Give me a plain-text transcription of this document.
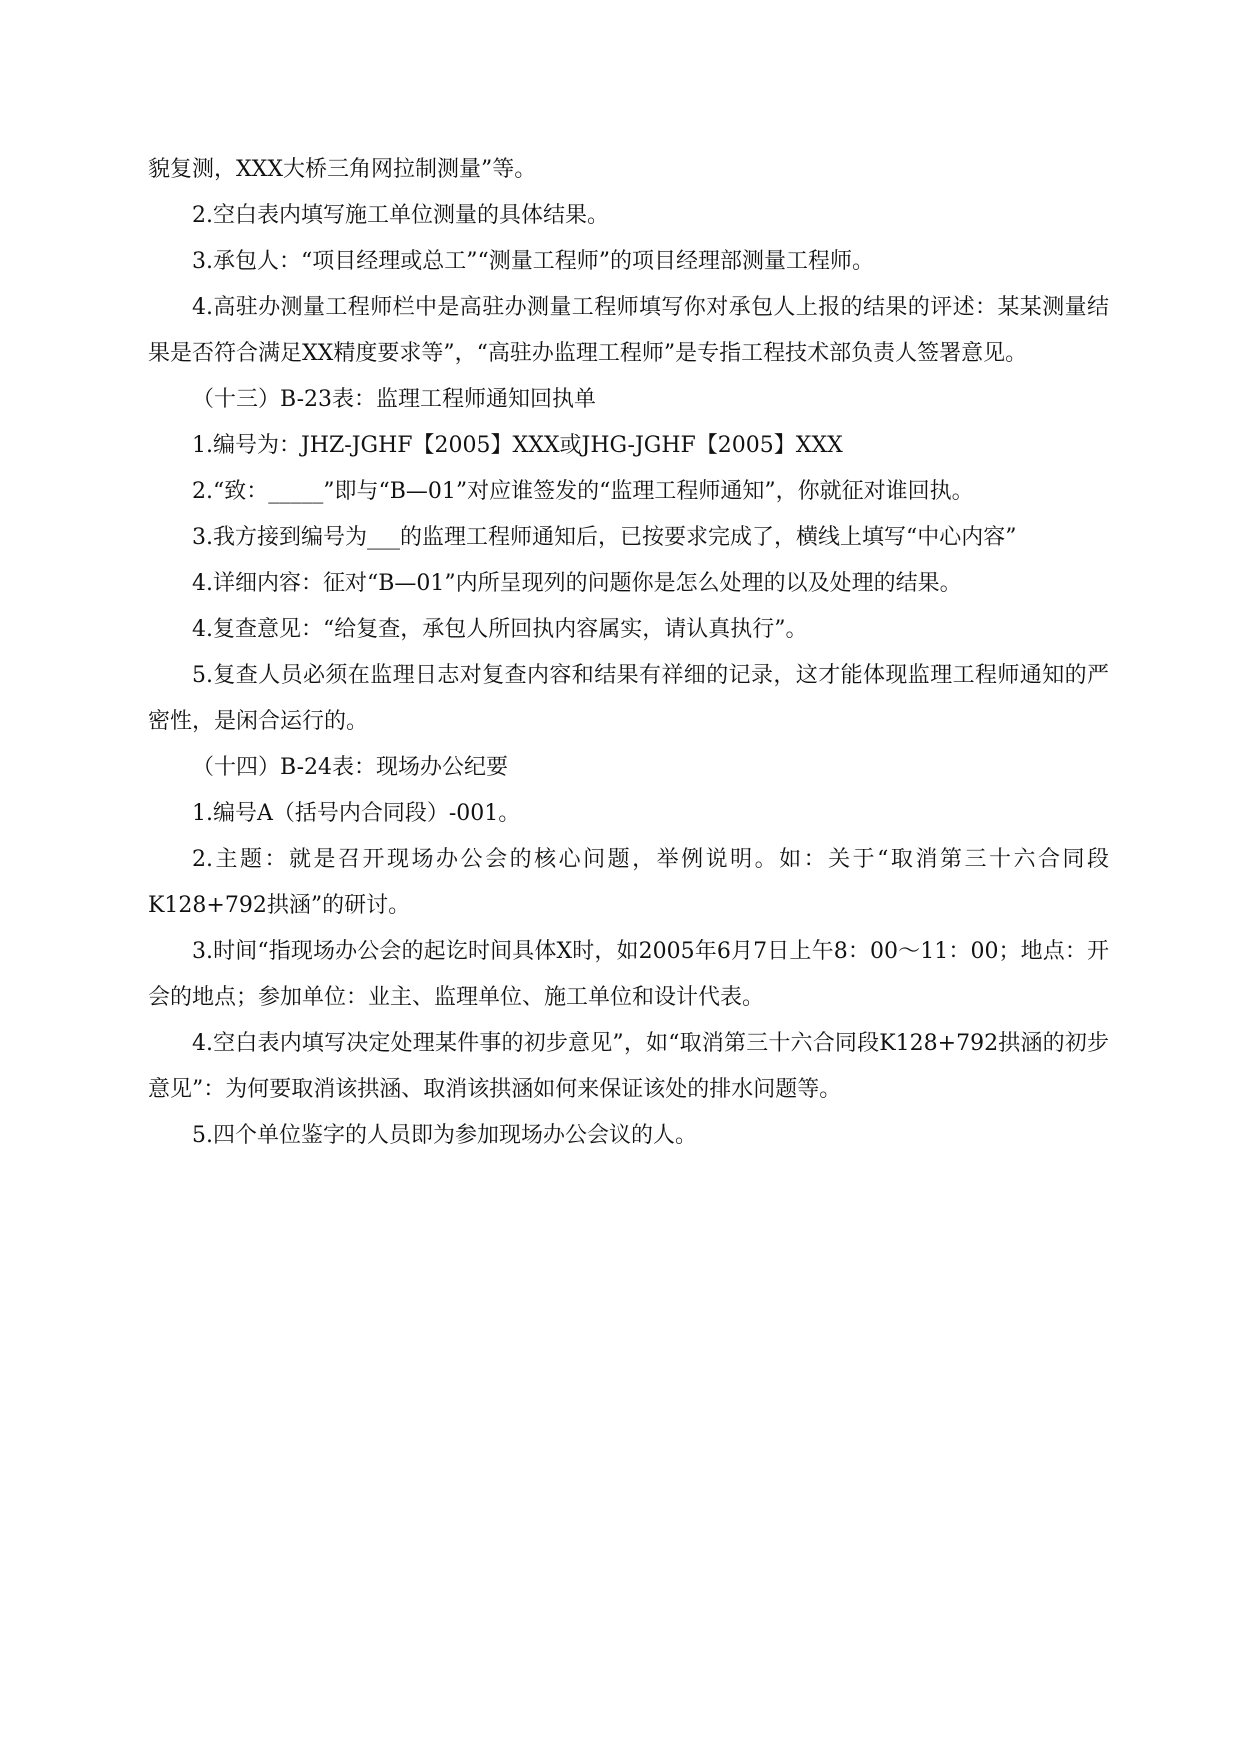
貌复测，XXX大桥三角网拉制测量”等。

2.空白表内填写施工单位测量的具体结果。

3.承包人：“项目经理或总工”“测量工程师”的项目经理部测量工程师。

4.高驻办测量工程师栏中是高驻办测量工程师填写你对承包人上报的结果的评述：某某测量结果是否符合满足XX精度要求等”，“高驻办监理工程师”是专指工程技术部负责人签署意见。

（十三）B-23表：监理工程师通知回执单

1.编号为：JHZ-JGHF【2005】XXX或JHG-JGHF【2005】XXX

2.“致：_____”即与“B—01”对应谁签发的“监理工程师通知”，你就征对谁回执。

3.我方接到编号为___的监理工程师通知后，已按要求完成了，横线上填写“中心内容”

4.详细内容：征对“B—01”内所呈现列的问题你是怎么处理的以及处理的结果。

4.复查意见：“给复查，承包人所回执内容属实，请认真执行”。

5.复查人员必须在监理日志对复查内容和结果有祥细的记录，这才能体现监理工程师通知的严密性，是闲合运行的。

（十四）B-24表：现场办公纪要

1.编号A（括号内合同段）-001。

2.主题：就是召开现场办公会的核心问题，举例说明。如：关于“取消第三十六合同段K128+792拱涵”的研讨。

3.时间“指现场办公会的起讫时间具体X时，如2005年6月7日上午8：00～11：00；地点：开会的地点；参加单位：业主、监理单位、施工单位和设计代表。

4.空白表内填写决定处理某件事的初步意见”，如“取消第三十六合同段K128+792拱涵的初步意见”：为何要取消该拱涵、取消该拱涵如何来保证该处的排水问题等。

5.四个单位鉴字的人员即为参加现场办公会议的人。
